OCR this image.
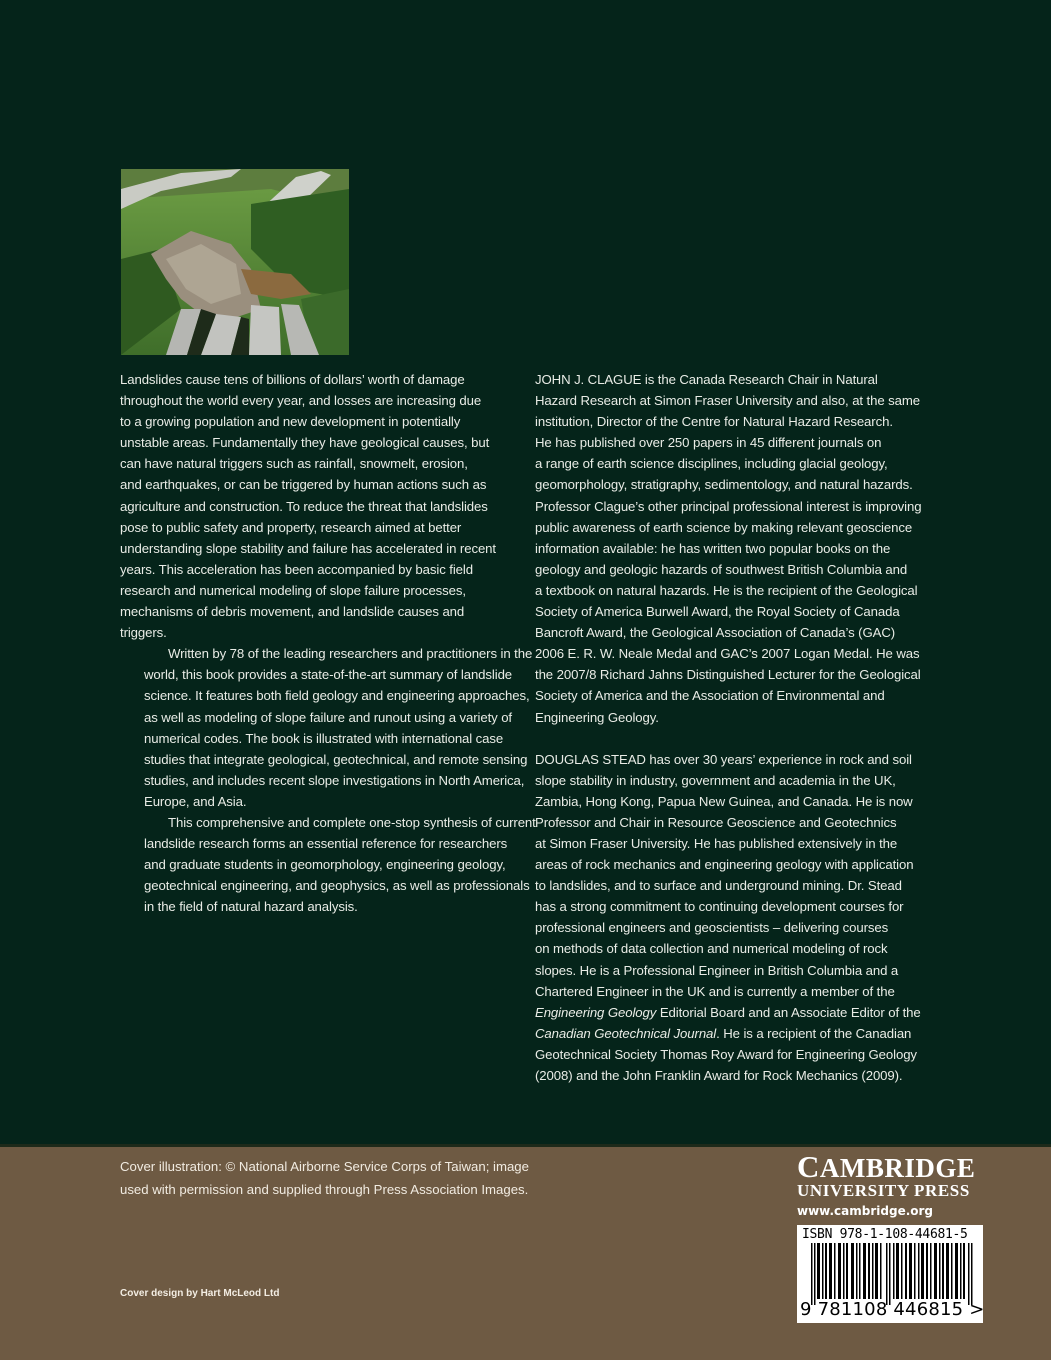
Landslides cause tens of billions of dollars’ worth of damage
throughout the world every year, and losses are increasing due
to a growing population and new development in potentially
unstable areas. Fundamentally they have geological causes, but
can have natural triggers such as rainfall, snowmelt, erosion,
and earthquakes, or can be triggered by human actions such as
agriculture and construction. To reduce the threat that landslides
pose to public safety and property, research aimed at better
understanding slope stability and failure has accelerated in recent
years. This acceleration has been accompanied by basic field
research and numerical modeling of slope failure processes,
mechanisms of debris movement, and landslide causes and
triggers.

Written by 78 of the leading researchers and practitioners in the
world, this book provides a state-of-the-art summary of landslide
science. It features both field geology and engineering approaches,
as well as modeling of slope failure and runout using a variety of
numerical codes. The book is illustrated with international case
studies that integrate geological, geotechnical, and remote sensing
studies, and includes recent slope investigations in North America,
Europe, and Asia.

This comprehensive and complete one-stop synthesis of current
landslide research forms an essential reference for researchers
and graduate students in geomorphology, engineering geology,
geotechnical engineering, and geophysics, as well as professionals
in the field of natural hazard analysis.

JOHN J. CLAGUE is the Canada Research Chair in Natural
Hazard Research at Simon Fraser University and also, at the same
institution, Director of the Centre for Natural Hazard Research.
He has published over 250 papers in 45 different journals on
a range of earth science disciplines, including glacial geology,
geomorphology, stratigraphy, sedimentology, and natural hazards.
Professor Clague’s other principal professional interest is improving
public awareness of earth science by making relevant geoscience
information available: he has written two popular books on the
geology and geologic hazards of southwest British Columbia and
a textbook on natural hazards. He is the recipient of the Geological
Society of America Burwell Award, the Royal Society of Canada
Bancroft Award, the Geological Association of Canada’s (GAC)
2006 E. R. W. Neale Medal and GAC’s 2007 Logan Medal. He was
the 2007/8 Richard Jahns Distinguished Lecturer for the Geological
Society of America and the Association of Environmental and
Engineering Geology.

DOUGLAS STEAD has over 30 years’ experience in rock and soil
slope stability in industry, government and academia in the UK,
Zambia, Hong Kong, Papua New Guinea, and Canada. He is now
Professor and Chair in Resource Geoscience and Geotechnics
at Simon Fraser University. He has published extensively in the
areas of rock mechanics and engineering geology with application
to landslides, and to surface and underground mining. Dr. Stead
has a strong commitment to continuing development courses for
professional engineers and geoscientists – delivering courses
on methods of data collection and numerical modeling of rock
slopes. He is a Professional Engineer in British Columbia and a
Chartered Engineer in the UK and is currently a member of the
Engineering Geology Editorial Board and an Associate Editor of the
Canadian Geotechnical Journal. He is a recipient of the Canadian
Geotechnical Society Thomas Roy Award for Engineering Geology
(2008) and the John Franklin Award for Rock Mechanics (2009).

Cover illustration: © National Airborne Service Corps of Taiwan; image
used with permission and supplied through Press Association Images.
Cover design by Hart McLeod Ltd
CAMBRIDGE
UNIVERSITY PRESS
www.cambridge.org
ISBN 978-1-108-44681-5
9 781108 446815 >
